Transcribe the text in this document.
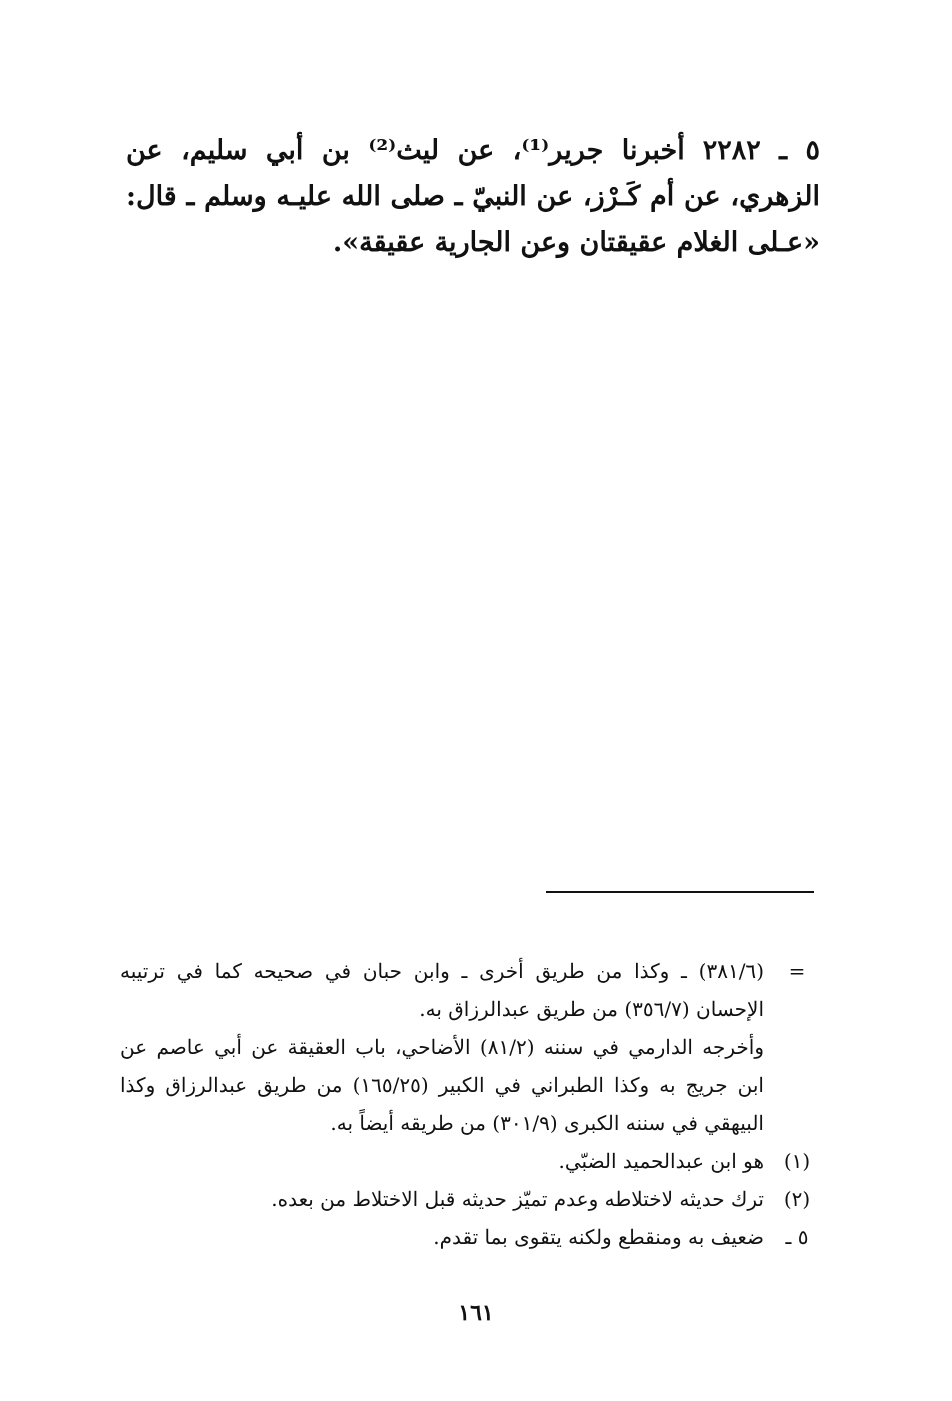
٥ ـ ٢٢٨٢أخبرنا جرير⁽¹⁾، عن ليث⁽²⁾ بن أبي سليم، عن الزهري، عن أم كَـرْز، عن النبيّ ـ صلى الله عليـه وسلم ـ قال: «عـلى الغلام عقيقتان وعن الجارية عقيقة».
=
(٣٨١/٦) ـ وكذا من طريق أخرى ـ وابن حبان في صحيحه كما في ترتيبه الإحسان (٣٥٦/٧) من طريق عبدالرزاق به.
وأخرجه الدارمي في سننه (٨١/٢) الأضاحي، باب العقيقة عن أبي عاصم عن ابن جريج به وكذا الطبراني في الكبير (١٦٥/٢٥) من طريق عبدالرزاق وكذا البيهقي في سننه الكبرى (٣٠١/٩) من طريقه أيضاً به.
(١)
هو ابن عبدالحميد الضبّي.
(٢)
ترك حديثه لاختلاطه وعدم تميّز حديثه قبل الاختلاط من بعده.
٥ ـ
ضعيف به ومنقطع ولكنه يتقوى بما تقدم.
١٦١
